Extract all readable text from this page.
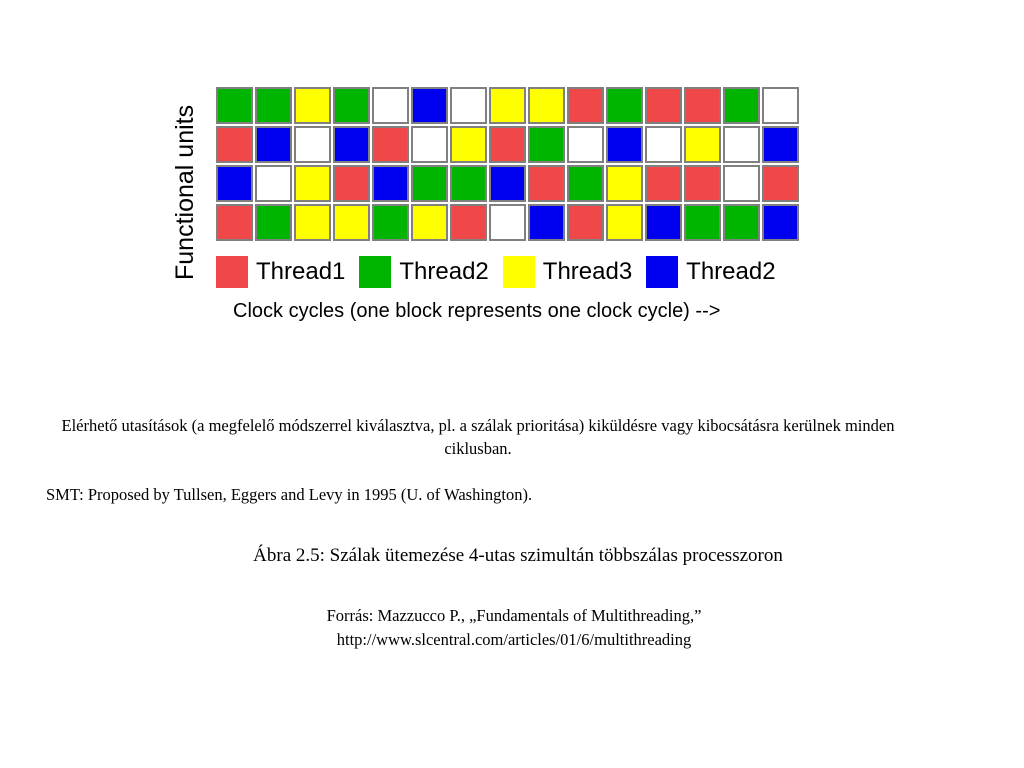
Functional units Thread1 Thread2 Thread3 Thread2
Clock cycles (one block represents one clock cycle) -->
Elérhető utasítások (a megfelelő módszerrel kiválasztva, pl. a szálak prioritása) kiküldésre vagy kibocsátásra kerülnek minden ciklusban.
SMT: Proposed by Tullsen, Eggers and Levy in 1995 (U. of Washington).
Ábra 2.5: Szálak ütemezése 4-utas szimultán többszálas processzoron
Forrás: Mazzucco P., „Fundamentals of Multithreading,”
http://www.slcentral.com/articles/01/6/multithreading
